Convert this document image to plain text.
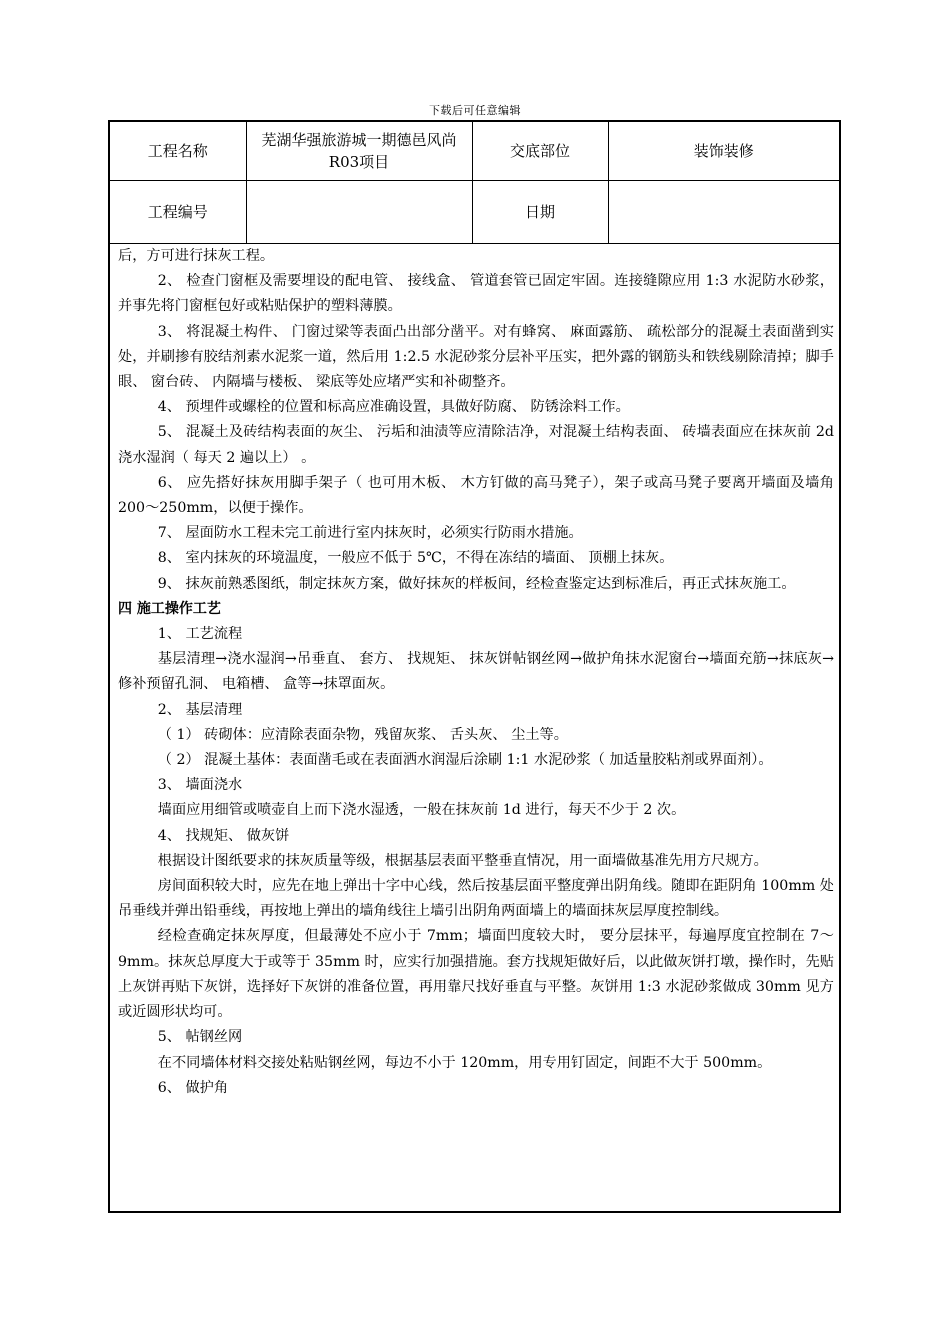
下载后可任意编辑
工程名称	芜湖华强旅游城一期德邑风尚R03项目	交底部位	装饰装修
工程编号		日期	

后，方可进行抹灰工程。

2、 检查门窗框及需要埋设的配电管、 接线盒、 管道套管已固定牢固。连接缝隙应用 1:3 水泥防水砂浆，并事先将门窗框包好或粘贴保护的塑料薄膜。

3、 将混凝土构件、 门窗过梁等表面凸出部分凿平。对有蜂窝、 麻面露筋、 疏松部分的混凝土表面凿到实处，并刷掺有胶结剂素水泥浆一道，然后用 1:2.5 水泥砂浆分层补平压实，把外露的钢筋头和铁线剔除清掉；脚手眼、 窗台砖、 内隔墙与楼板、 梁底等处应堵严实和补砌整齐。

4、 预埋件或螺栓的位置和标高应准确设置，具做好防腐、 防锈涂料工作。

5、 混凝土及砖结构表面的灰尘、 污垢和油渍等应清除洁净，对混凝土结构表面、 砖墙表面应在抹灰前 2d 浇水湿润（ 每天 2 遍以上） 。

6、 应先搭好抹灰用脚手架子（ 也可用木板、 木方钉做的高马凳子），架子或高马凳子要离开墙面及墙角 200～250mm，以便于操作。

7、 屋面防水工程未完工前进行室内抹灰时，必须实行防雨水措施。

8、 室内抹灰的环境温度，一般应不低于 5℃，不得在冻结的墙面、 顶棚上抹灰。

9、 抹灰前熟悉图纸，制定抹灰方案，做好抹灰的样板间，经检查鉴定达到标准后，再正式抹灰施工。

四 施工操作工艺

1、 工艺流程

基层清理→浇水湿润→吊垂直、 套方、 找规矩、 抹灰饼帖钢丝网→做护角抹水泥窗台→墙面充筋→抹底灰→修补预留孔洞、 电箱槽、 盒等→抹罩面灰。

2、 基层清理

（ 1） 砖砌体：应清除表面杂物，残留灰浆、 舌头灰、 尘土等。

（ 2） 混凝土基体：表面凿毛或在表面洒水润湿后涂刷 1:1 水泥砂浆（ 加适量胶粘剂或界面剂）。

3、 墙面浇水

墙面应用细管或喷壶自上而下浇水湿透，一般在抹灰前 1d 进行，每天不少于 2 次。

4、 找规矩、 做灰饼

根据设计图纸要求的抹灰质量等级，根据基层表面平整垂直情况，用一面墙做基准先用方尺规方。

房间面积较大时，应先在地上弹出十字中心线，然后按基层面平整度弹出阴角线。随即在距阴角 100mm 处吊垂线并弹出铅垂线，再按地上弹出的墙角线往上墙引出阴角两面墙上的墙面抹灰层厚度控制线。

经检查确定抹灰厚度，但最薄处不应小于 7mm；墙面凹度较大时， 要分层抹平，每遍厚度宜控制在 7～9mm。抹灰总厚度大于或等于 35mm 时，应实行加强措施。套方找规矩做好后，以此做灰饼打墩，操作时，先贴上灰饼再贴下灰饼，选择好下灰饼的准备位置，再用靠尺找好垂直与平整。灰饼用 1:3 水泥砂浆做成 30mm 见方或近圆形状均可。

5、 帖钢丝网

在不同墙体材料交接处粘贴钢丝网，每边不小于 120mm，用专用钉固定，间距不大于 500mm。

6、 做护角
